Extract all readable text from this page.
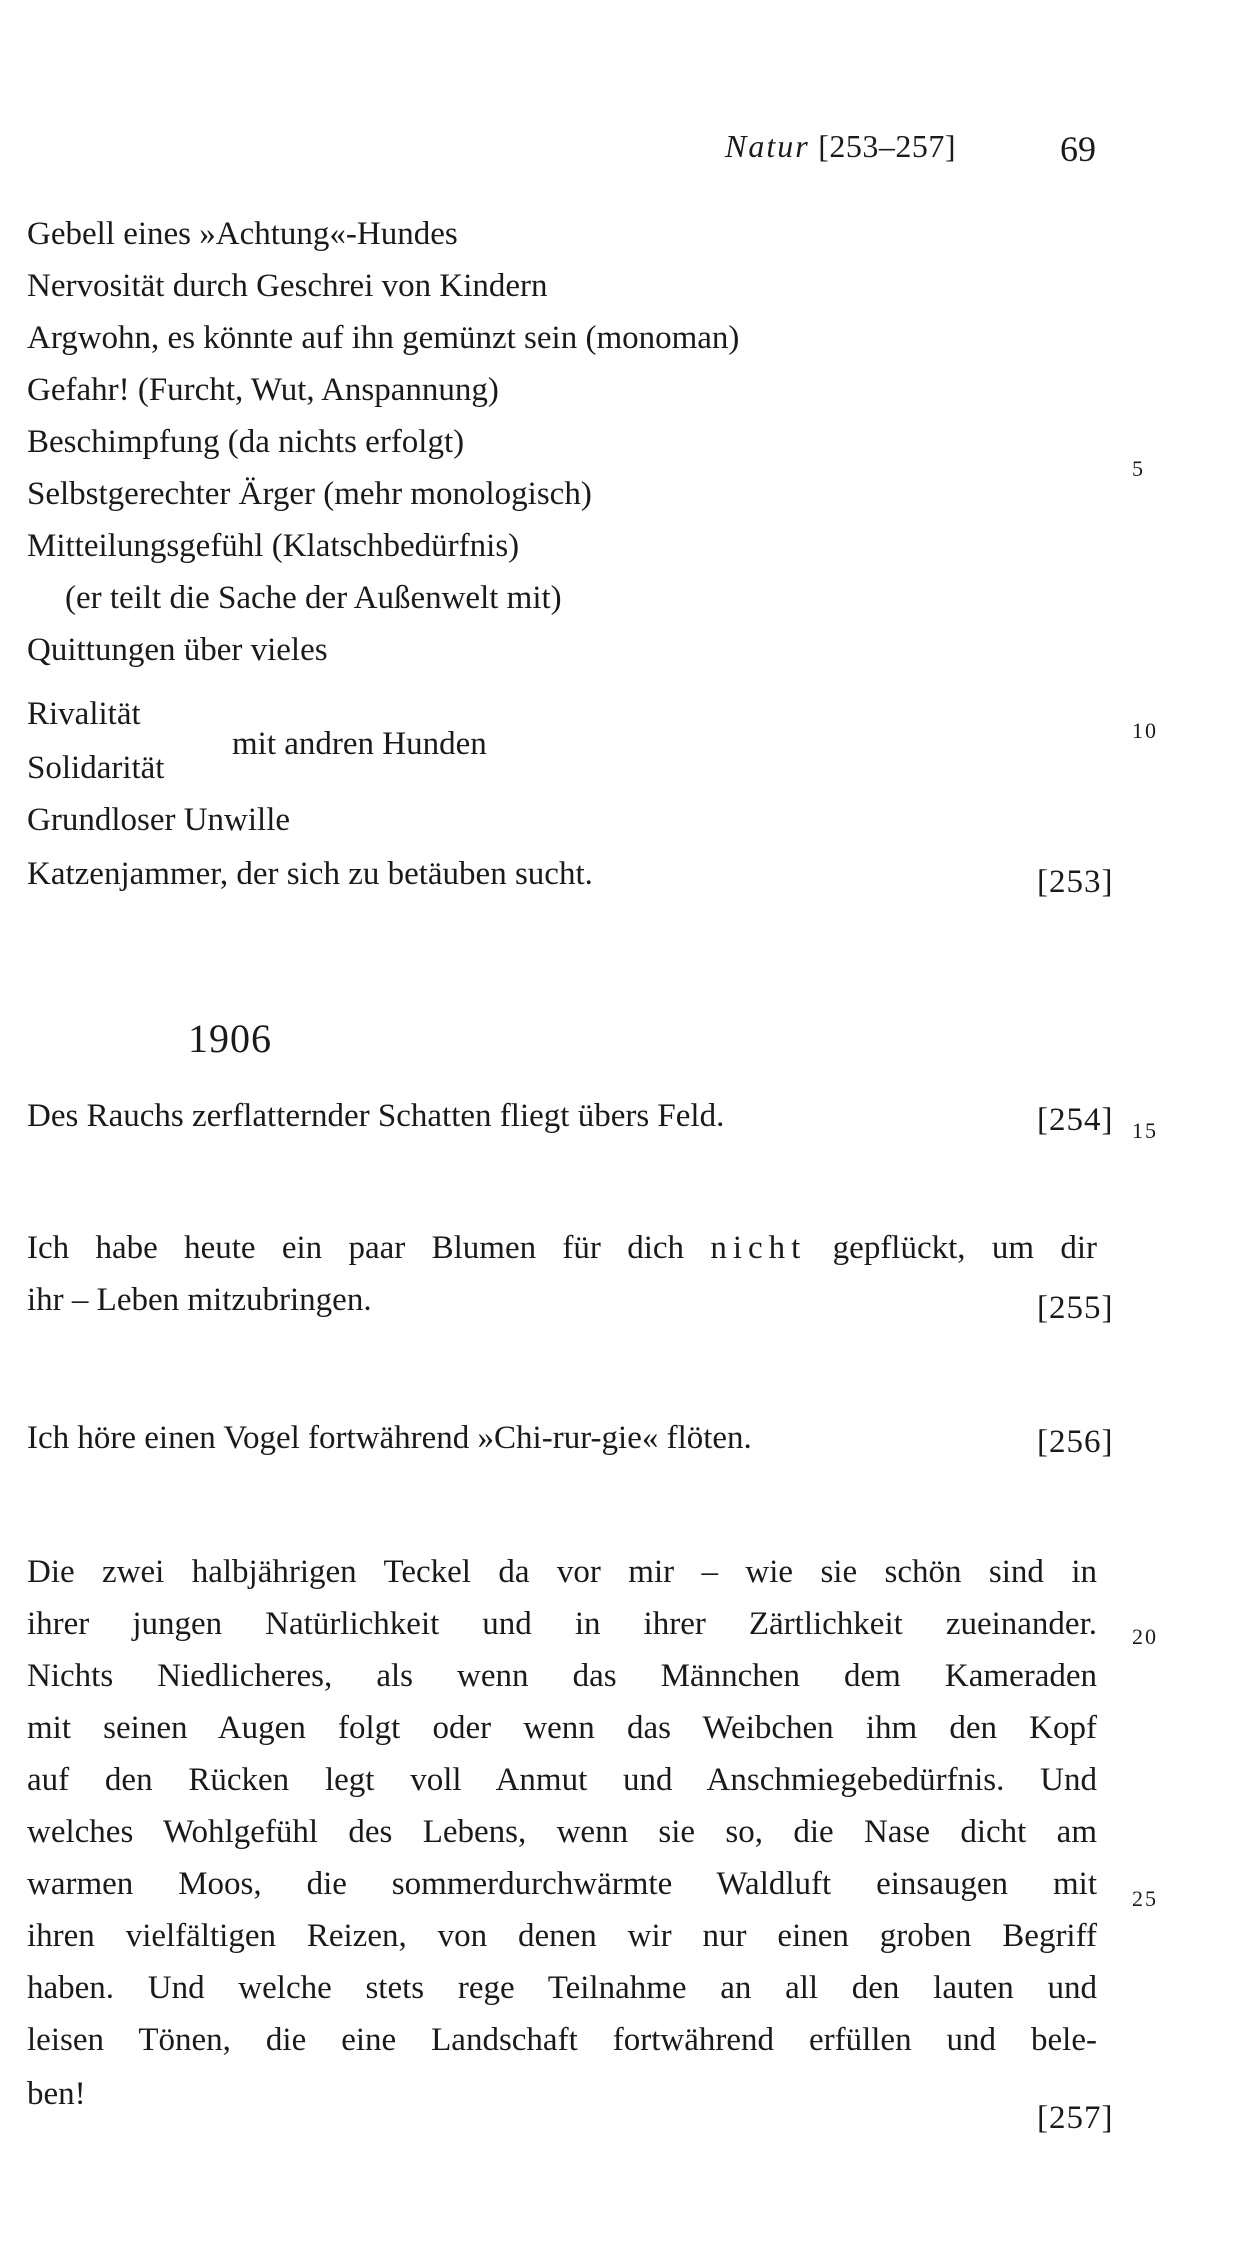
Natur [253–257]	69
Gebell eines »Achtung«-Hundes
Nervosität durch Geschrei von Kindern
Argwohn, es könnte auf ihn gemünzt sein (monoman)
Gefahr! (Furcht, Wut, Anspannung)
Beschimpfung (da nichts erfolgt)
Selbstgerechter Ärger (mehr monologisch)
Mitteilungsgefühl (Klatschbedürfnis)
(er teilt die Sache der Außenwelt mit)
Quittungen über vieles
Rivalität
Solidarität
Grundloser Unwille
Katzenjammer, der sich zu betäuben sucht.	[253]
mit andren Hunden
1906
Des Rauchs zerflatternder Schatten fliegt übers Feld.	[254]
Ich habe heute ein paar Blumen für dich nicht gepflückt, um dir
ihr – Leben mitzubringen.	[255]
Ich höre einen Vogel fortwährend »Chi-rur-gie« flöten.	[256]
Die zwei halbjährigen Teckel da vor mir – wie sie schön sind in
ihrer jungen Natürlichkeit und in ihrer Zärtlichkeit zueinander.
Nichts Niedlicheres, als wenn das Männchen dem Kameraden
mit seinen Augen folgt oder wenn das Weibchen ihm den Kopf
auf den Rücken legt voll Anmut und Anschmiegebedürfnis. Und
welches Wohlgefühl des Lebens, wenn sie so, die Nase dicht am
warmen Moos, die sommerdurchwärmte Waldluft einsaugen mit
ihren vielfältigen Reizen, von denen wir nur einen groben Begriff
haben. Und welche stets rege Teilnahme an all den lauten und
leisen Tönen, die eine Landschaft fortwährend erfüllen und bele-
ben!
[257]
5
10
15
20
25
